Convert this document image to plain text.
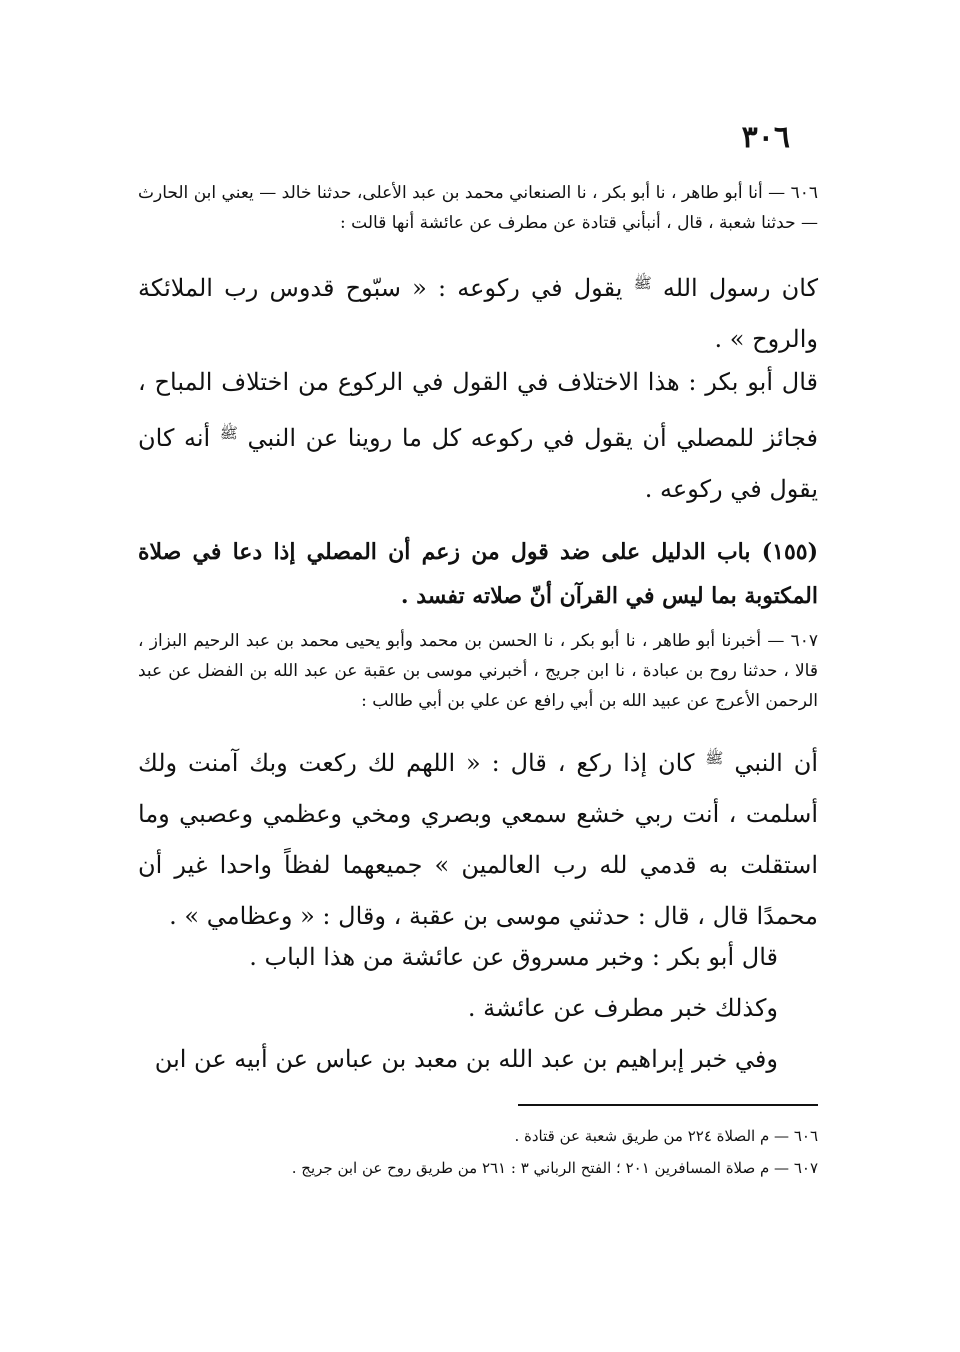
٣٠٦

٦٠٦ — أنا أبو طاهر ، نا أبو بكر ، نا الصنعاني محمد بن عبد الأعلى، حدثنا خالد — يعني ابن الحارث — حدثنا شعبة ، قال ، أنبأني قتادة عن مطرف عن عائشة أنها قالت :

كان رسول الله ﷺ يقول في ركوعه : « سبّوح قدوس رب الملائكة والروح » .

قال أبو بكر : هذا الاختلاف في القول في الركوع من اختلاف المباح ، فجائز للمصلي أن يقول في ركوعه كل ما روينا عن النبي ﷺ أنه كان يقول في ركوعه .

(١٥٥) باب الدليل على ضد قول من زعم أن المصلي إذا دعا في صلاة المكتوبة بما ليس في القرآن أنّ صلاته تفسد .

٦٠٧ — أخبرنا أبو طاهر ، نا أبو بكر ، نا الحسن بن محمد وأبو يحيى محمد بن عبد الرحيم البزاز ، قالا ، حدثنا روح بن عبادة ، نا ابن جريج ، أخبرني موسى بن عقبة عن عبد الله بن الفضل عن عبد الرحمن الأعرج عن عبيد الله بن أبي رافع عن علي بن أبي طالب :

أن النبي ﷺ كان إذا ركع ، قال : « اللهم لك ركعت وبك آمنت ولك أسلمت ، أنت ربي خشع سمعي وبصري ومخي وعظمي وعصبي وما استقلت به قدمي لله رب العالمين » جميعهما لفظاً واحدا غير أن محمدًا قال ، قال : حدثني موسى بن عقبة ، وقال : « وعظامي » .

قال أبو بكر : وخبر مسروق عن عائشة من هذا الباب .

وكذلك خبر مطرف عن عائشة .

وفي خبر إبراهيم بن عبد الله بن معبد بن عباس عن أبيه عن ابن

٦٠٦ — م الصلاة ٢٢٤ من طريق شعبة عن قتادة .
٦٠٧ — م صلاة المسافرين ٢٠١ ؛ الفتح الرباني ٣ : ٢٦١ من طريق روح عن ابن جريج .
